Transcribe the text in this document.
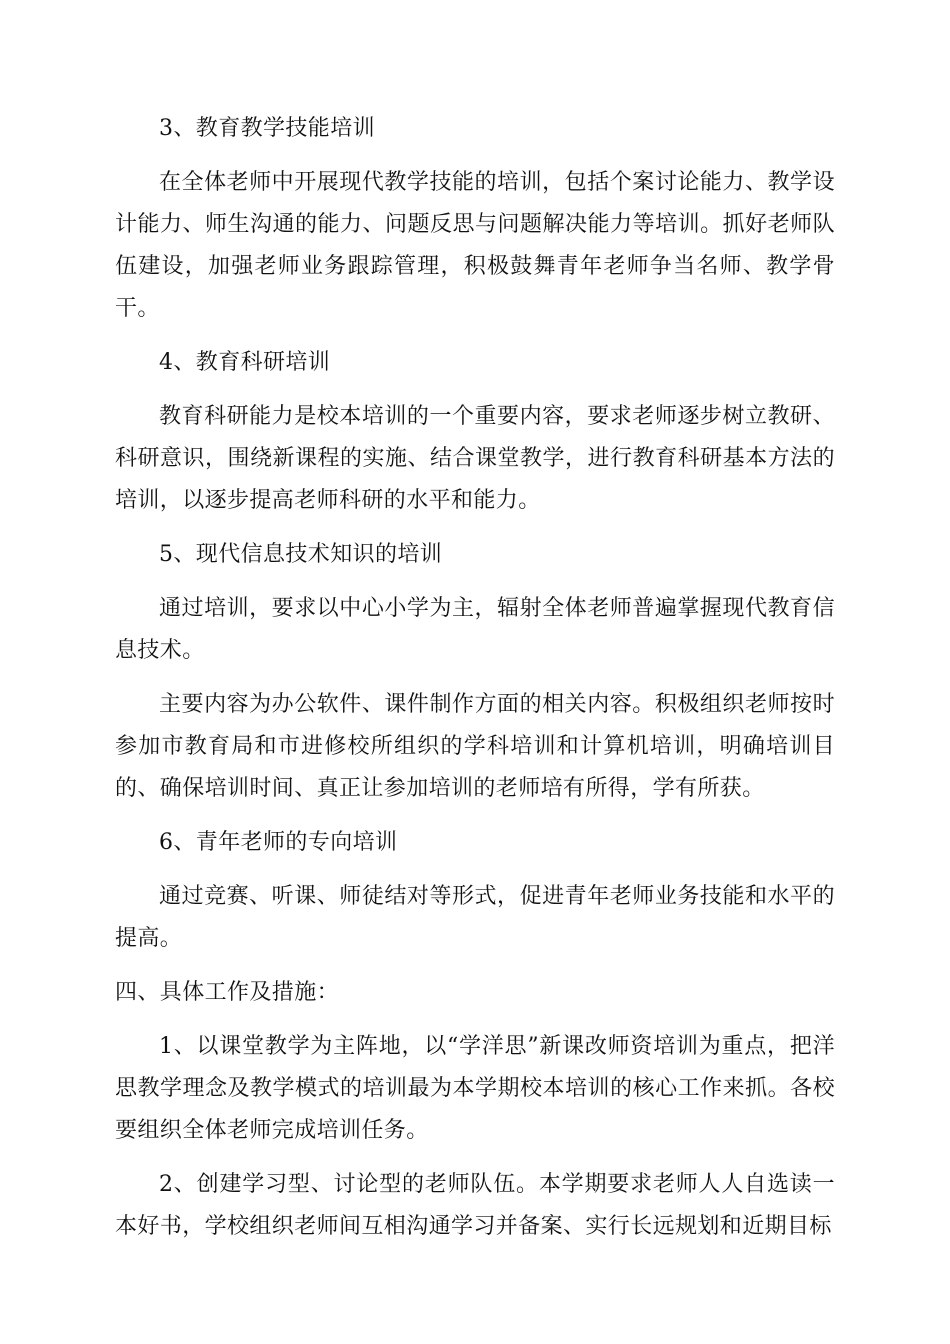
3、教育教学技能培训

在全体老师中开展现代教学技能的培训，包括个案讨论能力、教学设计能力、师生沟通的能力、问题反思与问题解决能力等培训。抓好老师队伍建设，加强老师业务跟踪管理，积极鼓舞青年老师争当名师、教学骨干。

4、教育科研培训

教育科研能力是校本培训的一个重要内容，要求老师逐步树立教研、科研意识，围绕新课程的实施、结合课堂教学，进行教育科研基本方法的培训，以逐步提高老师科研的水平和能力。

5、现代信息技术知识的培训

通过培训，要求以中心小学为主，辐射全体老师普遍掌握现代教育信息技术。

主要内容为办公软件、课件制作方面的相关内容。积极组织老师按时参加市教育局和市进修校所组织的学科培训和计算机培训，明确培训目的、确保培训时间、真正让参加培训的老师培有所得，学有所获。

6、青年老师的专向培训

通过竞赛、听课、师徒结对等形式，促进青年老师业务技能和水平的提高。

四、具体工作及措施：

1、以课堂教学为主阵地，以“学洋思”新课改师资培训为重点，把洋思教学理念及教学模式的培训最为本学期校本培训的核心工作来抓。各校要组织全体老师完成培训任务。

2、创建学习型、讨论型的老师队伍。本学期要求老师人人自选读一本好书，学校组织老师间互相沟通学习并备案、实行长远规划和近期目标
